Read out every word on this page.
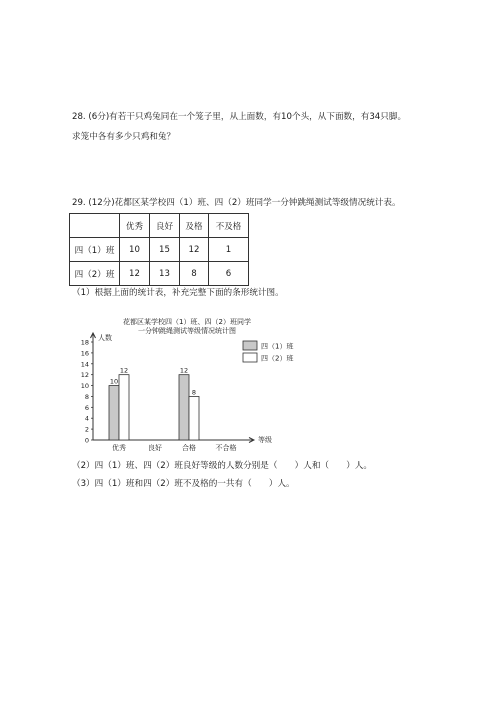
28. (6分)有若干只鸡兔同在一个笼子里，从上面数，有10个头，从下面数，有34只脚。
求笼中各有多少只鸡和兔？
29. (12分)花都区某学校四（1）班、四（2）班同学一分钟跳绳测试等级情况统计表。
	优秀	良好	及格	不及格
四（1）班	10	15	12	1
四（2）班	12	13	8	6
（1）根据上面的统计表，补充完整下面的条形统计图。
花都区某学校四（1）班、四（2）班同学
一分钟跳绳测试等级情况统计图
人数
等级
0
2
4
6
8
10
12
14
16
18
优秀	良好	合格	不合格
10
12	12
8
四（1）班
四（2）班
（2）四（1）班、四（2）班良好等级的人数分别是（　　）人和（　　）人。
（3）四（1）班和四（2）班不及格的一共有（　　）人。
